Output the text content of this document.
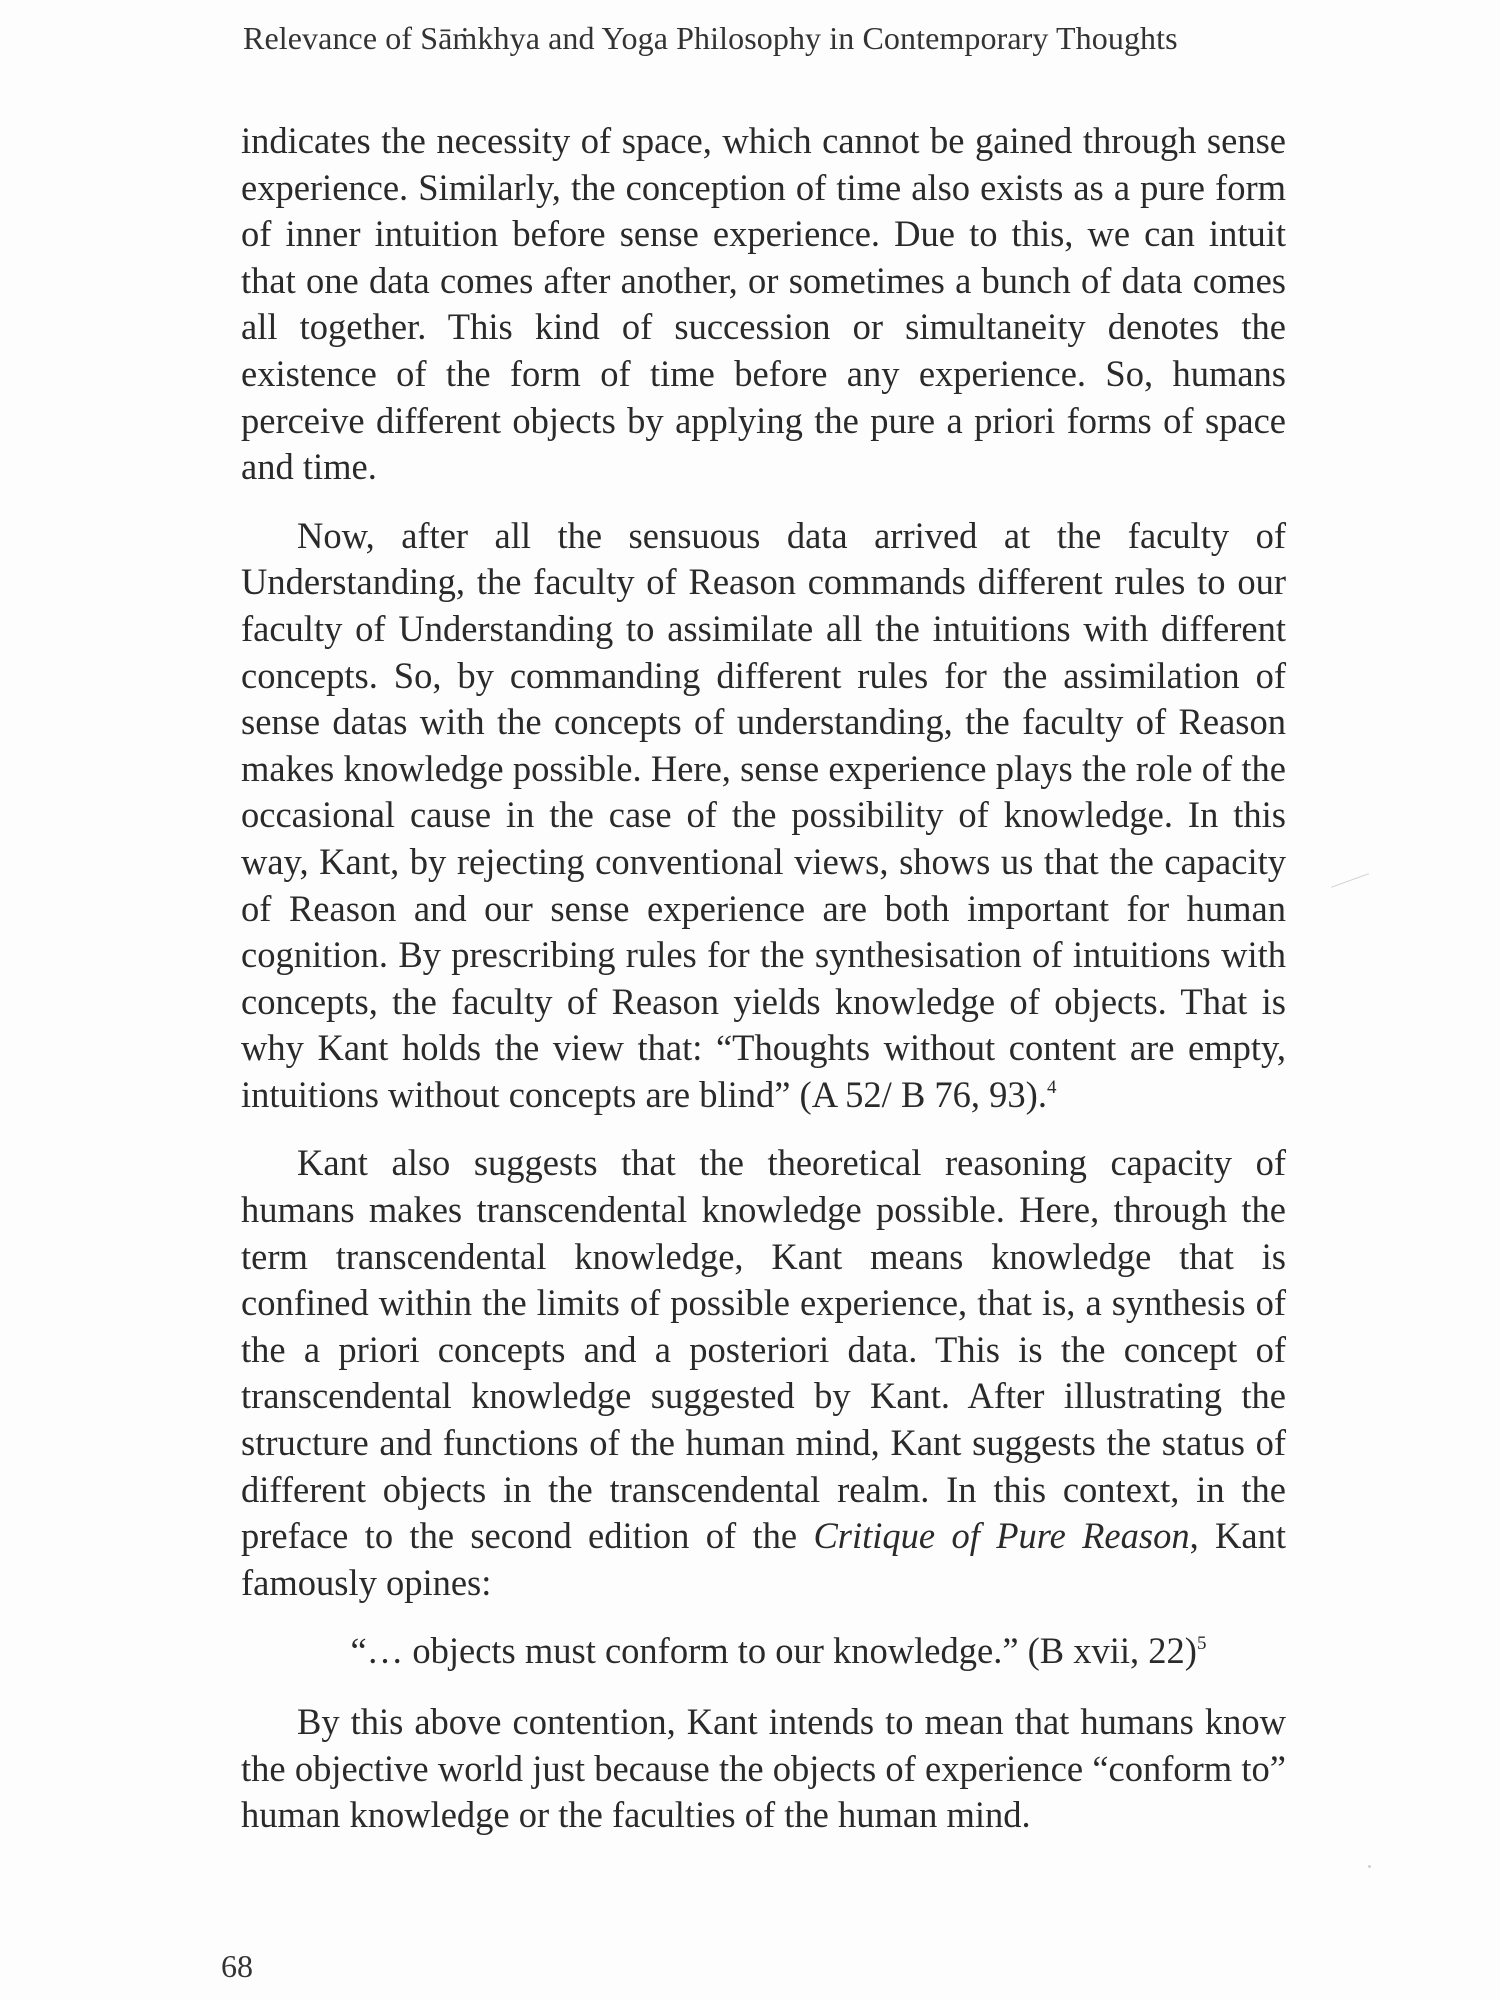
Relevance of Sāṁkhya and Yoga Philosophy in Contemporary Thoughts

indicates the necessity of space, which cannot be gained through sense experience. Similarly, the conception of time also exists as a pure form of inner intuition before sense experience. Due to this, we can intuit that one data comes after another, or sometimes a bunch of data comes all together. This kind of succession or simultaneity denotes the existence of the form of time before any experience. So, humans perceive different objects by applying the pure a priori forms of space and time.

Now, after all the sensuous data arrived at the faculty of Understanding, the faculty of Reason commands different rules to our faculty of Understanding to assimilate all the intuitions with different concepts. So, by commanding different rules for the assimilation of sense datas with the concepts of understanding, the faculty of Reason makes knowledge possible. Here, sense experience plays the role of the occasional cause in the case of the possibility of knowledge. In this way, Kant, by rejecting conventional views, shows us that the capacity of Reason and our sense experience are both important for human cognition. By prescribing rules for the synthesisation of intuitions with concepts, the faculty of Reason yields knowledge of objects. That is why Kant holds the view that: “Thoughts without content are empty, intuitions without concepts are blind” (A 52/ B 76, 93).$^4$

Kant also suggests that the theoretical reasoning capacity of humans makes transcendental knowledge possible. Here, through the term transcendental knowledge, Kant means knowledge that is confined within the limits of possible experience, that is, a synthesis of the a priori concepts and a posteriori data. This is the concept of transcendental knowledge suggested by Kant. After illustrating the structure and functions of the human mind, Kant suggests the status of different objects in the transcendental realm. In this context, in the preface to the second edition of the Critique of Pure Reason, Kant famously opines:

“… objects must conform to our knowledge.” (B xvii, 22)$^5$

By this above contention, Kant intends to mean that humans know the objective world just because the objects of experience “conform to” human knowledge or the faculties of the human mind.

68
